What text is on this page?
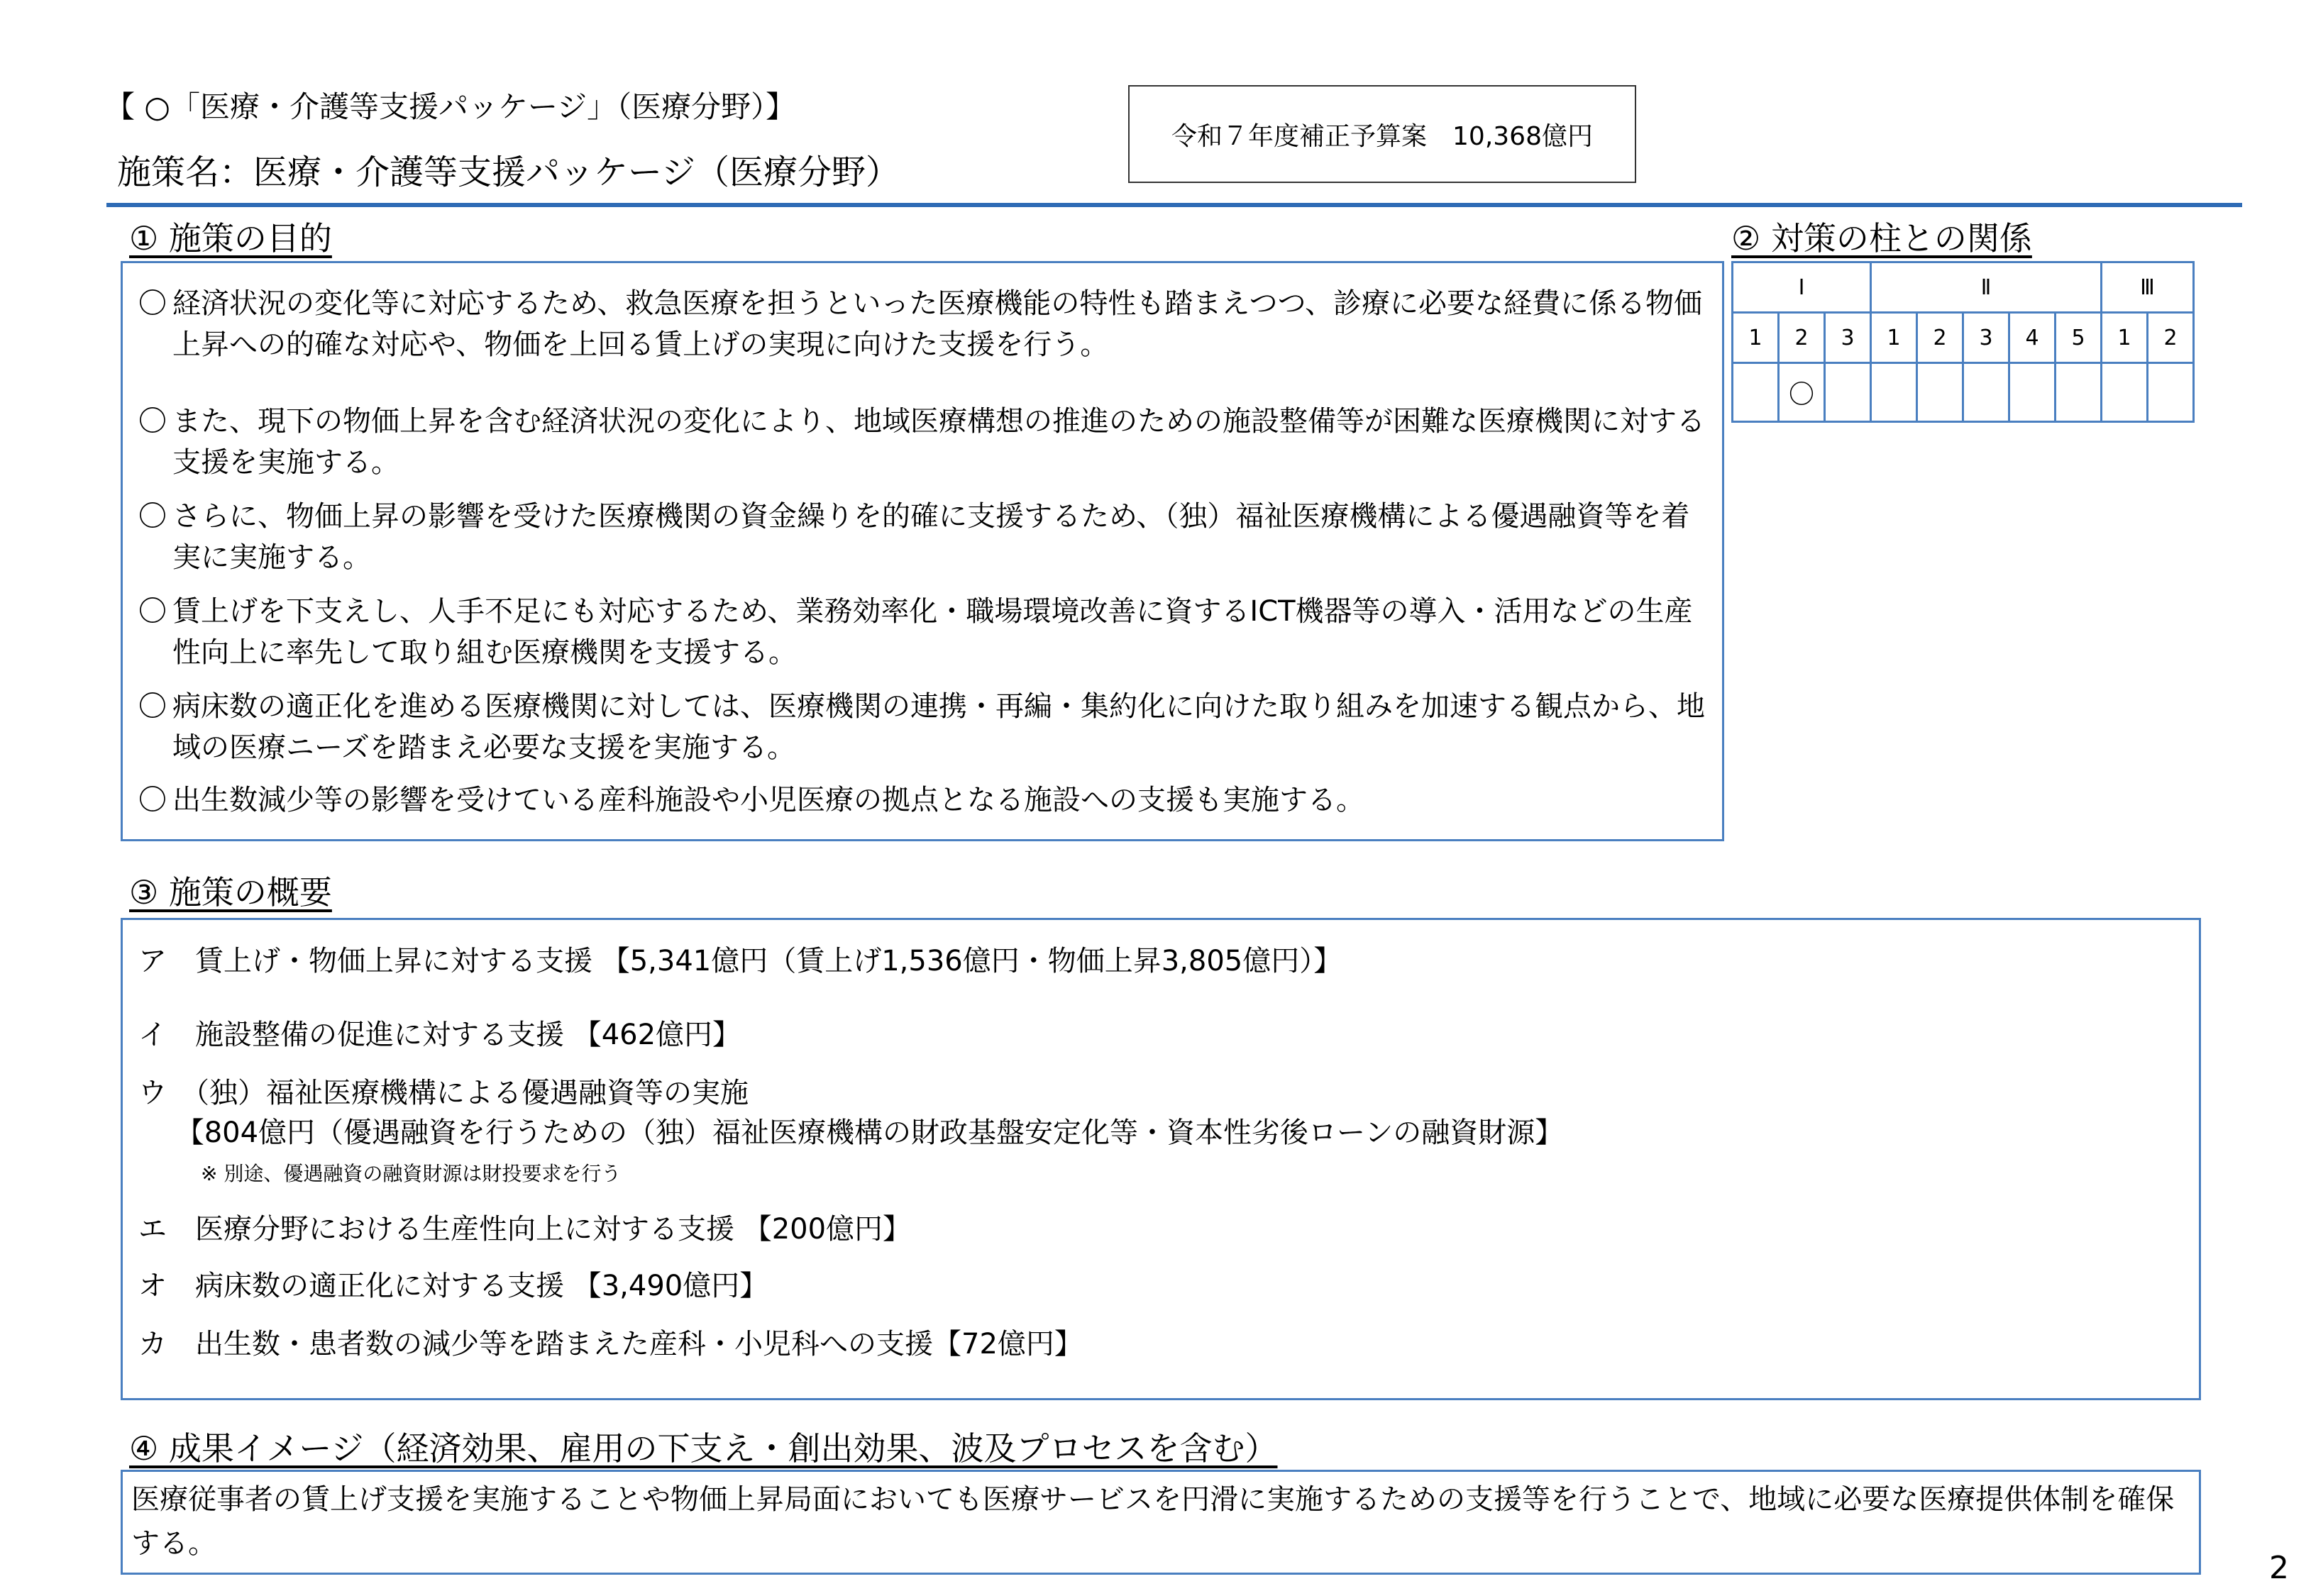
【 ○「医療・介護等支援パッケージ」（医療分野）】
施策名：医療・介護等支援パッケージ（医療分野）
令和７年度補正予算案　10,368億円
① 施策の目的
〇 経済状況の変化等に対応するため、救急医療を担うといった医療機能の特性も踏まえつつ、診療に必要な経費に係る物価上昇への的確な対応や、物価を上回る賃上げの実現に向けた支援を行う。
〇 また、現下の物価上昇を含む経済状況の変化により、地域医療構想の推進のための施設整備等が困難な医療機関に対する支援を実施する。
〇 さらに、物価上昇の影響を受けた医療機関の資金繰りを的確に支援するため、（独）福祉医療機構による優遇融資等を着実に実施する。
〇 賃上げを下支えし、人手不足にも対応するため、業務効率化・職場環境改善に資するICT機器等の導入・活用などの生産性向上に率先して取り組む医療機関を支援する。
〇 病床数の適正化を進める医療機関に対しては、医療機関の連携・再編・集約化に向けた取り組みを加速する観点から、地域の医療ニーズを踏まえ必要な支援を実施する。
〇 出生数減少等の影響を受けている産科施設や小児医療の拠点となる施設への支援も実施する。
② 対策の柱との関係
Ⅰ			Ⅱ					Ⅲ	
1	2	3	1	2	3	4	5	1	2
	〇								
③ 施策の概要
ア　賃上げ・物価上昇に対する支援 【5,341億円（賃上げ1,536億円・物価上昇3,805億円）】
イ　施設整備の促進に対する支援 【462億円】
ウ　（独）福祉医療機構による優遇融資等の実施
　 【804億円（優遇融資を行うための（独）福祉医療機構の財政基盤安定化等・資本性劣後ローンの融資財源】
※ 別途、優遇融資の融資財源は財投要求を行う
エ　医療分野における生産性向上に対する支援 【200億円】
オ　病床数の適正化に対する支援 【3,490億円】
カ　出生数・患者数の減少等を踏まえた産科・小児科への支援【72億円】
④ 成果イメージ（経済効果、雇用の下支え・創出効果、波及プロセスを含む）
医療従事者の賃上げ支援を実施することや物価上昇局面においても医療サービスを円滑に実施するための支援等を行うことで、地域に必要な医療提供体制を確保する。
2
